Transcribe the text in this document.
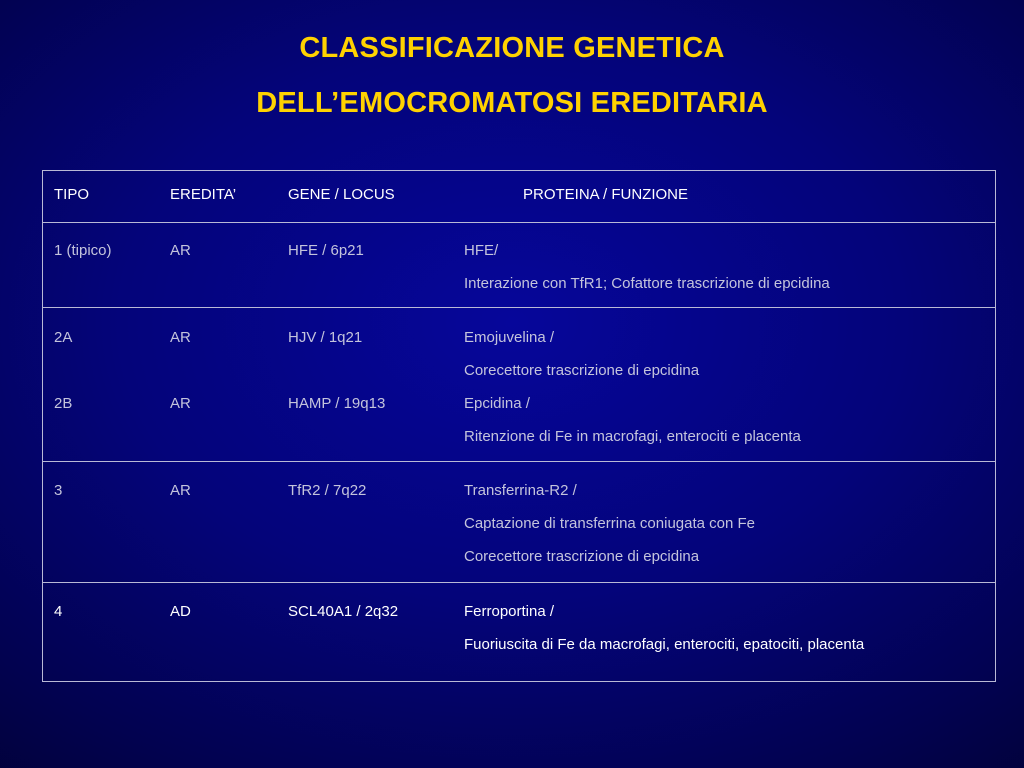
CLASSIFICAZIONE GENETICA
DELL’EMOCROMATOSI EREDITARIA
TIPO	EREDITA’	GENE / LOCUS	PROTEINA / FUNZIONE
1 (tipico)	AR	HFE / 6p21	HFE/
Interazione con TfR1; Cofattore trascrizione di epcidina
2A	AR	HJV / 1q21	Emojuvelina /
Corecettore trascrizione di epcidina
2B	AR	HAMP / 19q13	Epcidina /
Ritenzione di Fe in macrofagi, enterociti e placenta
3	AR	TfR2 / 7q22	Transferrina-R2 /
Captazione di transferrina coniugata con Fe
Corecettore trascrizione di epcidina
4	AD	SCL40A1 / 2q32	Ferroportina /
Fuoriuscita di Fe da macrofagi, enterociti, epatociti, placenta
